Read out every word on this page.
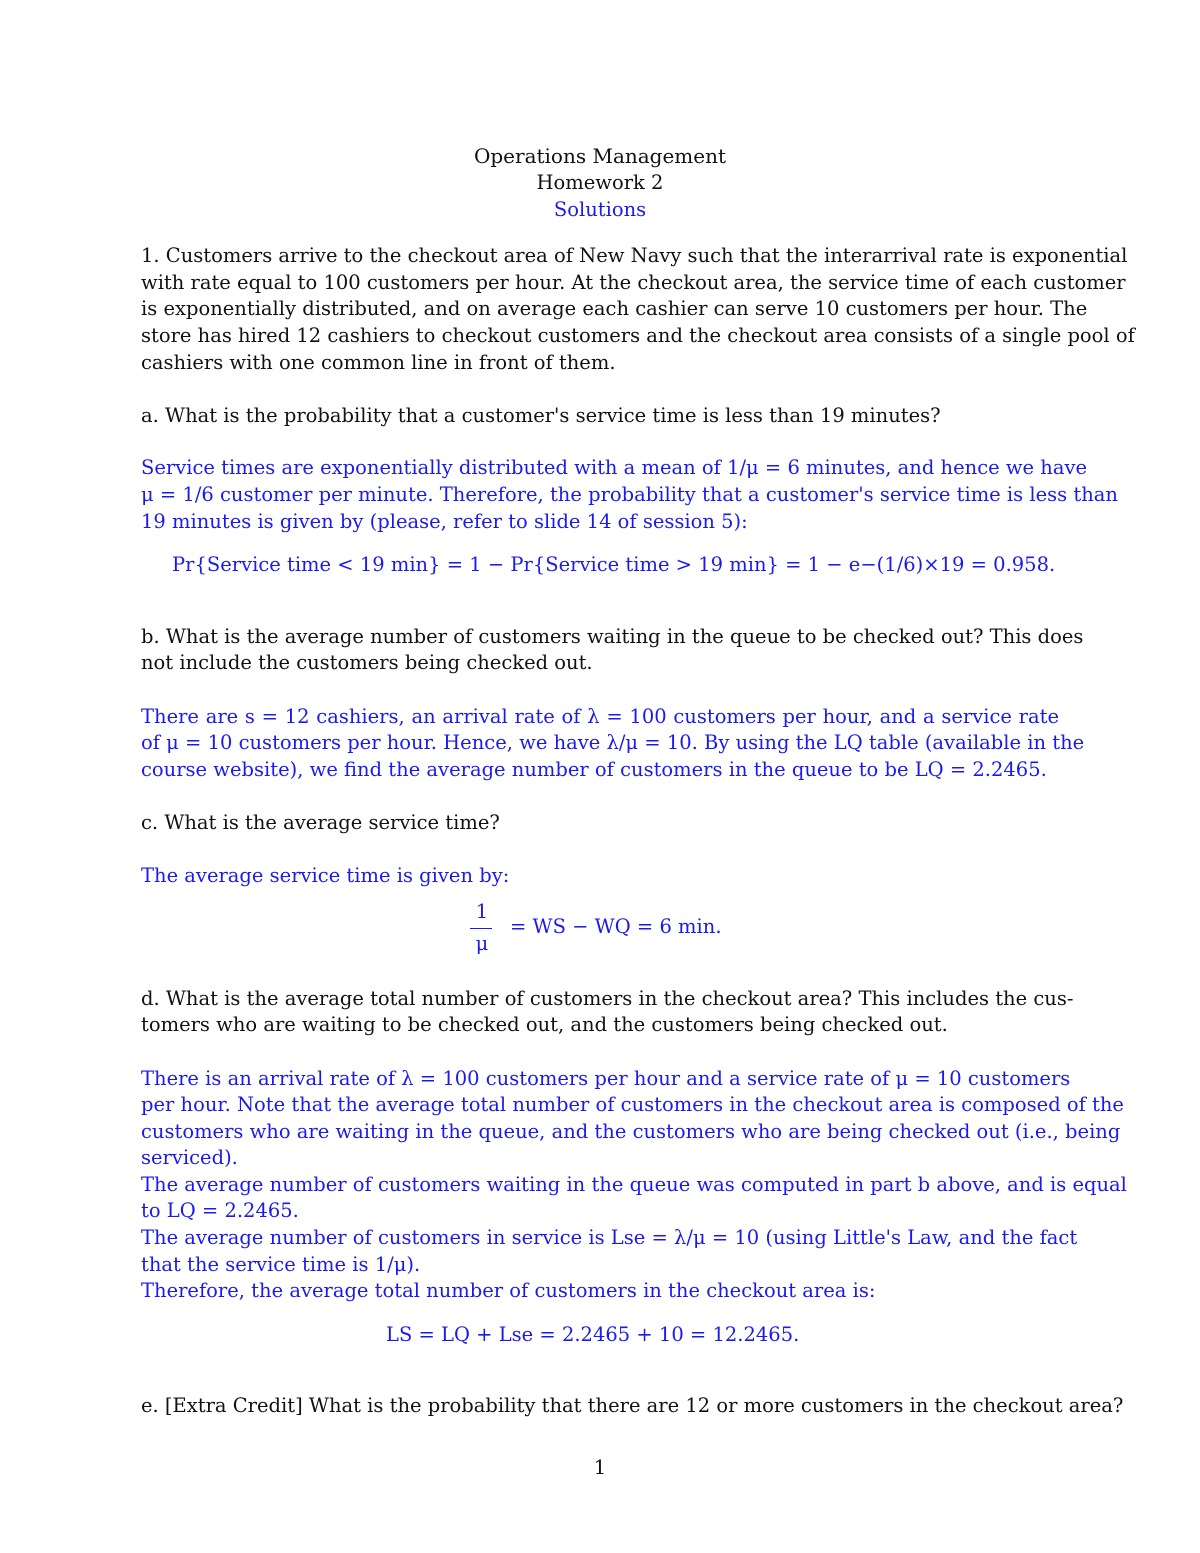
Operations Management
Homework 2
Solutions
1. Customers arrive to the checkout area of New Navy such that the interarrival rate is exponential
with rate equal to 100 customers per hour. At the checkout area, the service time of each customer
is exponentially distributed, and on average each cashier can serve 10 customers per hour. The
store has hired 12 cashiers to checkout customers and the checkout area consists of a single pool of
cashiers with one common line in front of them.
a. What is the probability that a customer's service time is less than 19 minutes?
Service times are exponentially distributed with a mean of 1/μ = 6 minutes, and hence we have
μ = 1/6 customer per minute. Therefore, the probability that a customer's service time is less than
19 minutes is given by (please, refer to slide 14 of session 5):
Pr{Service time < 19 min} = 1 − Pr{Service time > 19 min} = 1 − e−(1/6)×19 = 0.958.
b. What is the average number of customers waiting in the queue to be checked out? This does
not include the customers being checked out.
There are s = 12 cashiers, an arrival rate of λ = 100 customers per hour, and a service rate
of μ = 10 customers per hour. Hence, we have λ/μ = 10. By using the LQ table (available in the
course website), we find the average number of customers in the queue to be LQ = 2.2465.
c. What is the average service time?
The average service time is given by:
1
μ
= WS − WQ = 6 min.
d. What is the average total number of customers in the checkout area? This includes the cus-
tomers who are waiting to be checked out, and the customers being checked out.
There is an arrival rate of λ = 100 customers per hour and a service rate of μ = 10 customers
per hour. Note that the average total number of customers in the checkout area is composed of the
customers who are waiting in the queue, and the customers who are being checked out (i.e., being
serviced).
The average number of customers waiting in the queue was computed in part b above, and is equal
to LQ = 2.2465.
The average number of customers in service is Lse = λ/μ = 10 (using Little's Law, and the fact
that the service time is 1/μ).
Therefore, the average total number of customers in the checkout area is:
LS = LQ + Lse = 2.2465 + 10 = 12.2465.
e. [Extra Credit] What is the probability that there are 12 or more customers in the checkout area?
1
